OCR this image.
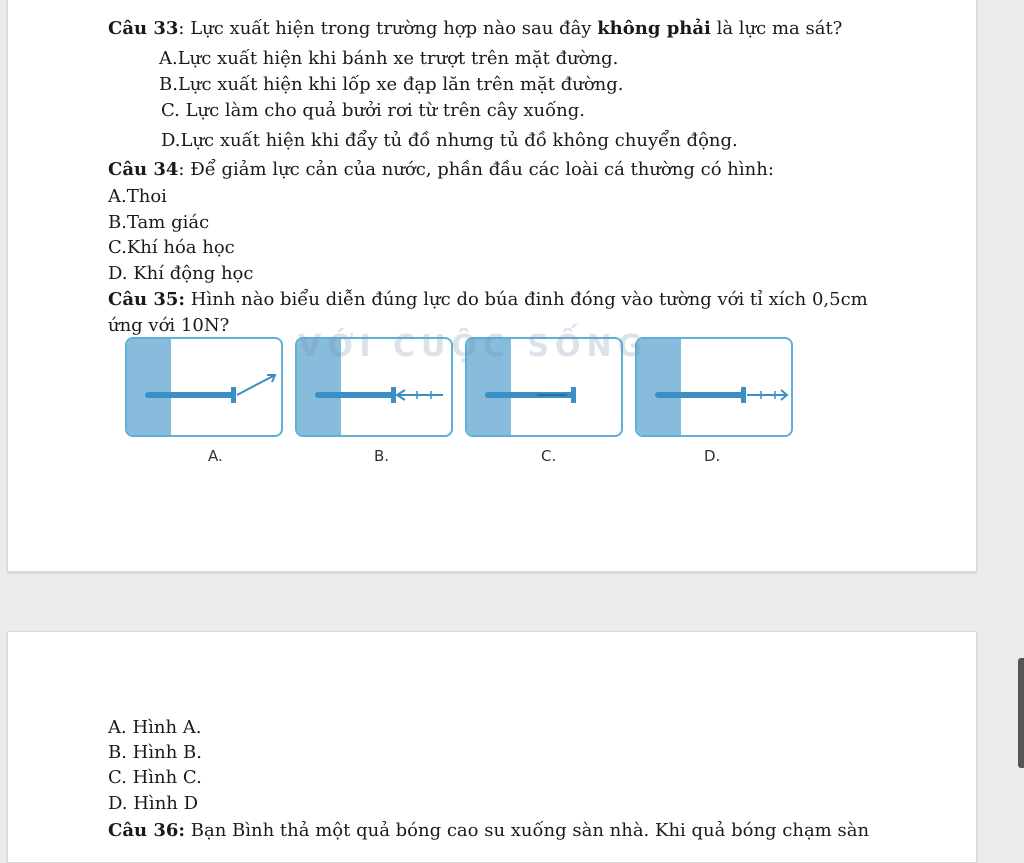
Câu 33: Lực xuất hiện trong trường hợp nào sau đây không phải là lực ma sát?
A.Lực xuất hiện khi bánh xe trượt trên mặt đường.
B.Lực xuất hiện khi lốp xe đạp lăn trên mặt đường.
C. Lực làm cho quả bưởi rơi từ trên cây xuống.
D.Lực xuất hiện khi đẩy tủ đồ nhưng tủ đồ không chuyển động.
Câu 34: Để giảm lực cản của nước, phần đầu các loài cá thường có hình:
A.Thoi
B.Tam giác
C.Khí hóa học
D. Khí động học
Câu 35: Hình nào biểu diễn đúng lực do búa đinh đóng vào tường với tỉ xích 0,5cm
ứng với 10N?
VỚI CUỘC SỐNG
A.	B.	C.	D.
A. Hình A.
B. Hình B.
C. Hình C.
D. Hình D
Câu 36: Bạn Bình thả một quả bóng cao su xuống sàn nhà. Khi quả bóng chạm sàn
